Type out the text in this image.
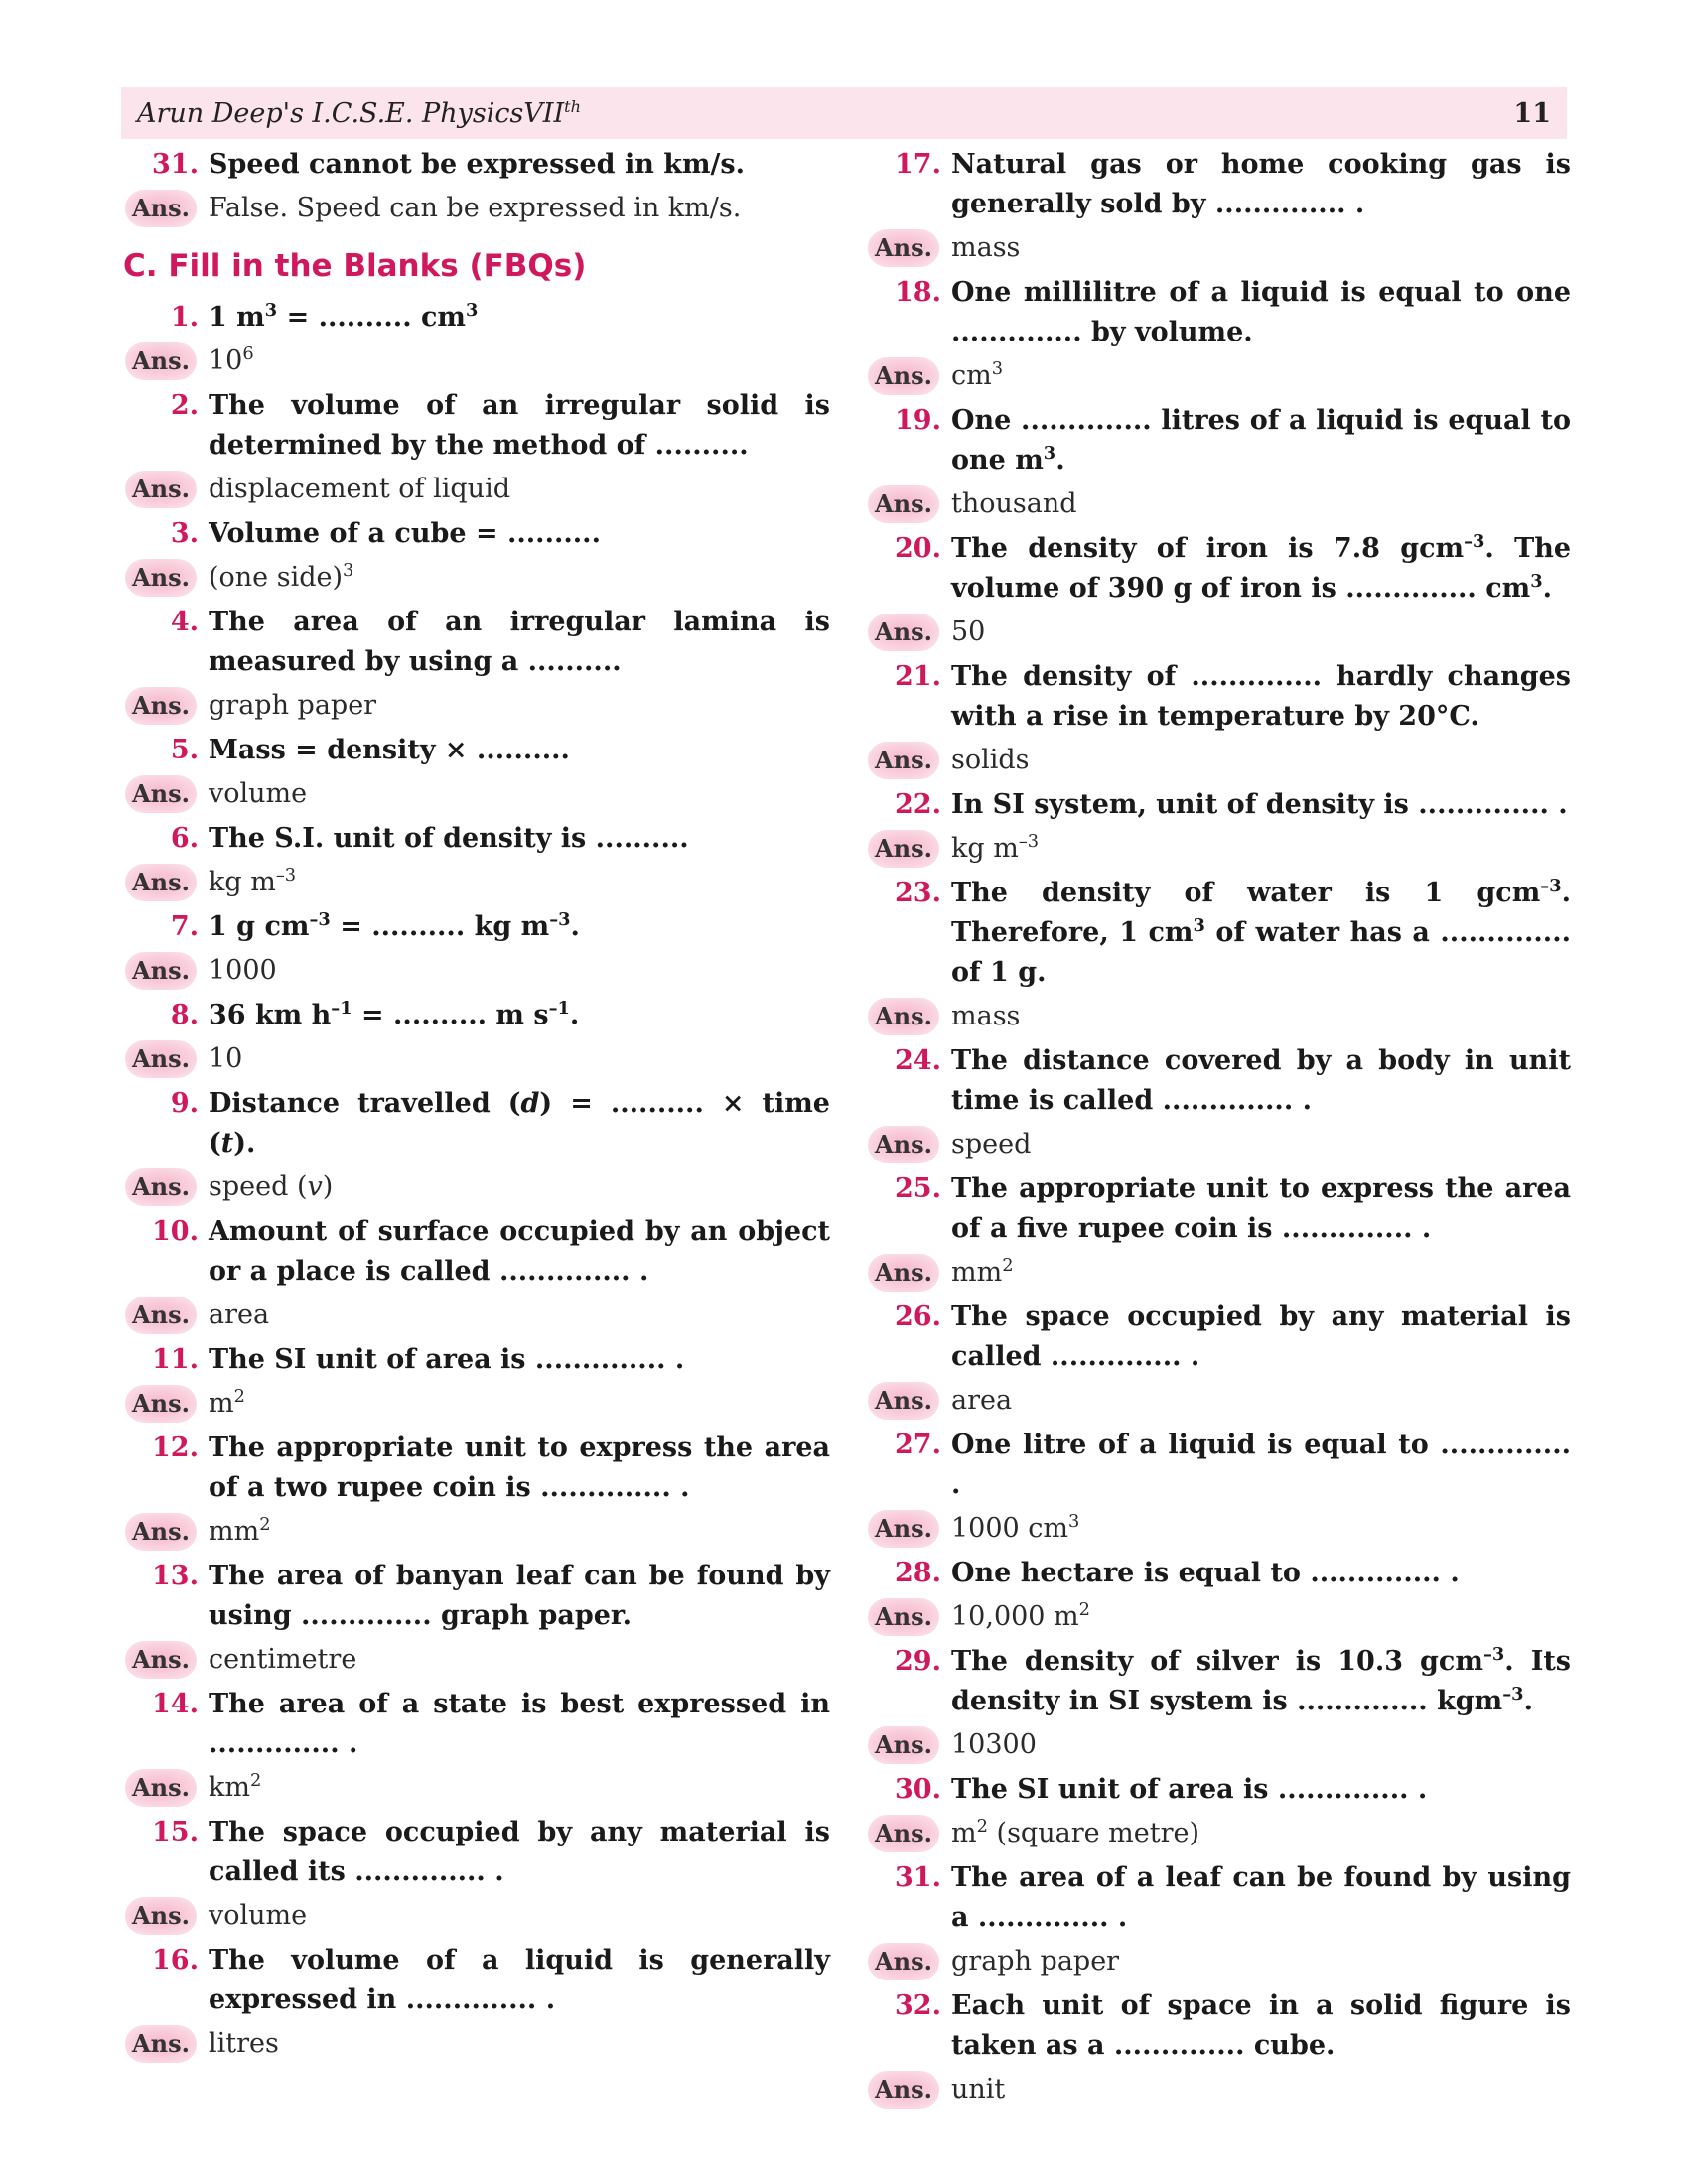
Arun Deep's I.C.S.E. PhysicsVII$^{th}$	11
31. Speed cannot be expressed in km/s.
Ans. False. Speed can be expressed in km/s.
C. Fill in the Blanks (FBQs)
1. 1 $m^3$ = .......... $cm^3$
Ans. $10^6$
2. The volume of an irregular solid is determined by the method of ..........
Ans. displacement of liquid
3. Volume of a cube = ..........
Ans. (one side)$^3$
4. The area of an irregular lamina is measured by using a ..........
Ans. graph paper
5. Mass = density × ..........
Ans. volume
6. The S.I. unit of density is ..........
Ans. kg $m^{-3}$
7. 1 g $cm^{-3}$ = .......... kg $m^{-3}$.
Ans. 1000
8. 36 km $h^{-1}$ = .......... m $s^{-1}$.
Ans. 10
9. Distance travelled (d) = .......... × time (t).
Ans. speed (v)
10. Amount of surface occupied by an object or a place is called .............. .
Ans. area
11. The SI unit of area is .............. .
Ans. $m^2$
12. The appropriate unit to express the area of a two rupee coin is .............. .
Ans. $mm^2$
13. The area of banyan leaf can be found by using .............. graph paper.
Ans. centimetre
14. The area of a state is best expressed in .............. .
Ans. $km^2$
15. The space occupied by any material is called its .............. .
Ans. volume
16. The volume of a liquid is generally expressed in .............. .
Ans. litres
17. Natural gas or home cooking gas is generally sold by .............. .
Ans. mass
18. One millilitre of a liquid is equal to one .............. by volume.
Ans. $cm^3$
19. One .............. litres of a liquid is equal to one $m^3$.
Ans. thousand
20. The density of iron is 7.8 gcm$^{-3}$. The volume of 390 g of iron is .............. $cm^3$.
Ans. 50
21. The density of .............. hardly changes with a rise in temperature by 20°C.
Ans. solids
22. In SI system, unit of density is .............. .
Ans. kg $m^{-3}$
23. The density of water is 1 gcm$^{-3}$. Therefore, 1 $cm^3$ of water has a .............. of 1 g.
Ans. mass
24. The distance covered by a body in unit time is called .............. .
Ans. speed
25. The appropriate unit to express the area of a five rupee coin is .............. .
Ans. $mm^2$
26. The space occupied by any material is called .............. .
Ans. area
27. One litre of a liquid is equal to .............. .
Ans. 1000 $cm^3$
28. One hectare is equal to .............. .
Ans. 10,000 $m^2$
29. The density of silver is 10.3 gcm$^{-3}$. Its density in SI system is .............. kgm$^{-3}$.
Ans. 10300
30. The SI unit of area is .............. .
Ans. $m^2$ (square metre)
31. The area of a leaf can be found by using a .............. .
Ans. graph paper
32. Each unit of space in a solid figure is taken as a .............. cube.
Ans. unit
